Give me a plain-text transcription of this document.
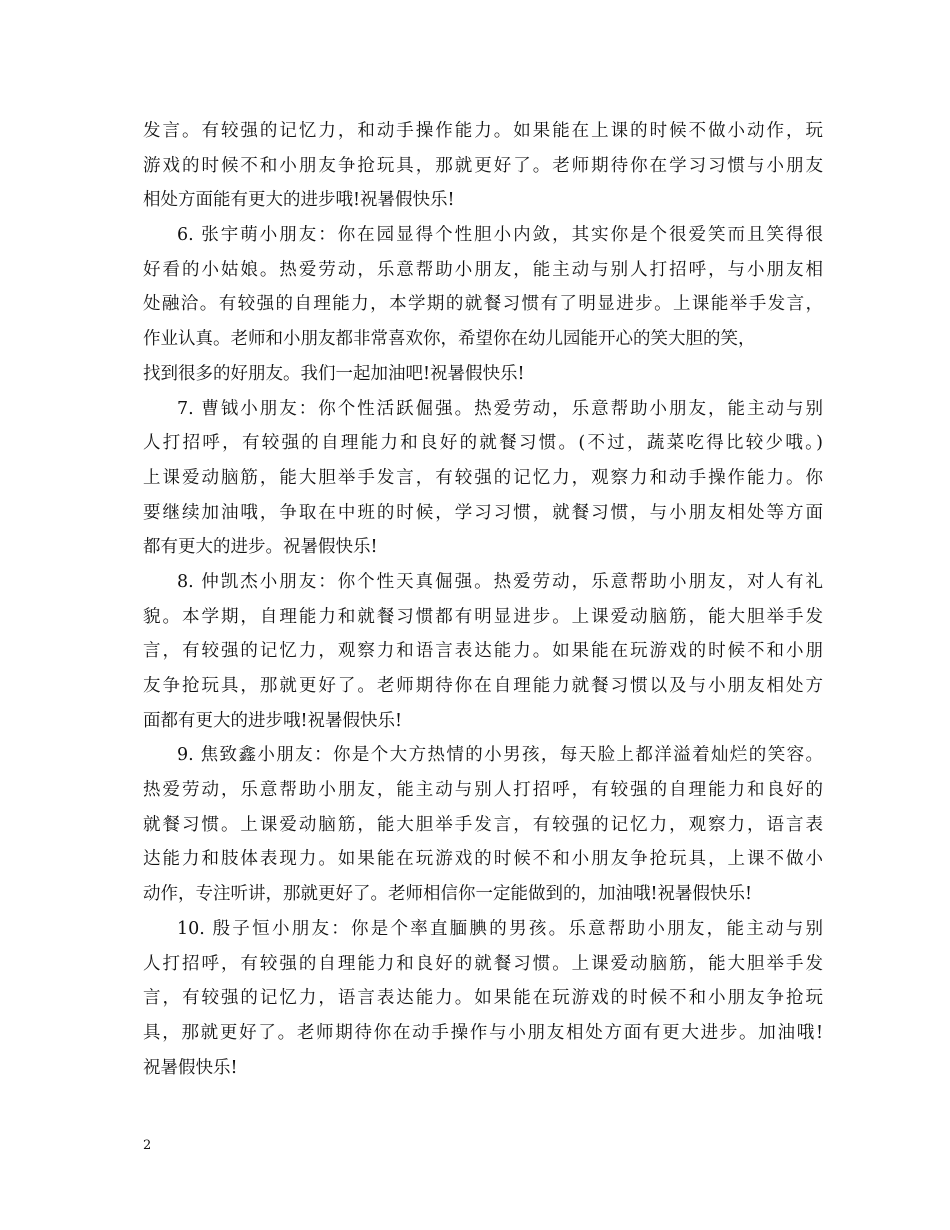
发言。有较强的记忆力，和动手操作能力。如果能在上课的时候不做小动作，玩
游戏的时候不和小朋友争抢玩具，那就更好了。老师期待你在学习习惯与小朋友
相处方面能有更大的进步哦!祝暑假快乐!
6. 张宇萌小朋友：你在园显得个性胆小内敛，其实你是个很爱笑而且笑得很
好看的小姑娘。热爱劳动，乐意帮助小朋友，能主动与别人打招呼，与小朋友相
处融洽。有较强的自理能力，本学期的就餐习惯有了明显进步。上课能举手发言，
作业认真。老师和小朋友都非常喜欢你，希望你在幼儿园能开心的笑大胆的笑，
找到很多的好朋友。我们一起加油吧!祝暑假快乐!
7. 曹钺小朋友：你个性活跃倔强。热爱劳动，乐意帮助小朋友，能主动与别
人打招呼，有较强的自理能力和良好的就餐习惯。(不过，蔬菜吃得比较少哦。)
上课爱动脑筋，能大胆举手发言，有较强的记忆力，观察力和动手操作能力。你
要继续加油哦，争取在中班的时候，学习习惯，就餐习惯，与小朋友相处等方面
都有更大的进步。祝暑假快乐!
8. 仲凯杰小朋友：你个性天真倔强。热爱劳动，乐意帮助小朋友，对人有礼
貌。本学期，自理能力和就餐习惯都有明显进步。上课爱动脑筋，能大胆举手发
言，有较强的记忆力，观察力和语言表达能力。如果能在玩游戏的时候不和小朋
友争抢玩具，那就更好了。老师期待你在自理能力就餐习惯以及与小朋友相处方
面都有更大的进步哦!祝暑假快乐!
9. 焦致鑫小朋友：你是个大方热情的小男孩，每天脸上都洋溢着灿烂的笑容。
热爱劳动，乐意帮助小朋友，能主动与别人打招呼，有较强的自理能力和良好的
就餐习惯。上课爱动脑筋，能大胆举手发言，有较强的记忆力，观察力，语言表
达能力和肢体表现力。如果能在玩游戏的时候不和小朋友争抢玩具，上课不做小
动作，专注听讲，那就更好了。老师相信你一定能做到的，加油哦!祝暑假快乐!
10. 殷子恒小朋友：你是个率直腼腆的男孩。乐意帮助小朋友，能主动与别
人打招呼，有较强的自理能力和良好的就餐习惯。上课爱动脑筋，能大胆举手发
言，有较强的记忆力，语言表达能力。如果能在玩游戏的时候不和小朋友争抢玩
具，那就更好了。老师期待你在动手操作与小朋友相处方面有更大进步。加油哦!
祝暑假快乐!
2
